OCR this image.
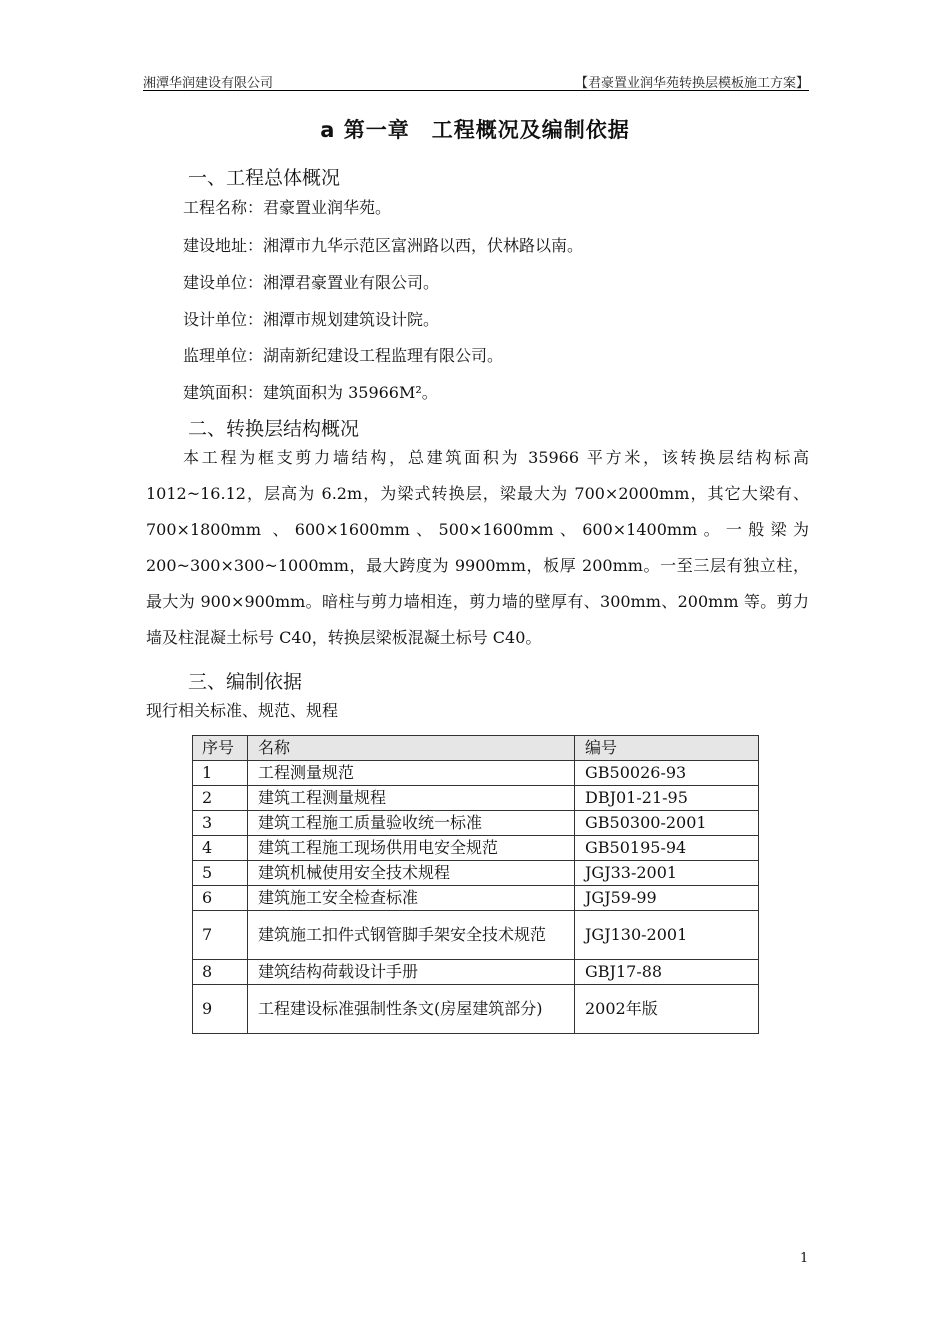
湘潭华润建设有限公司	【君豪置业润华苑转换层模板施工方案】
a 第一章　工程概况及编制依据
一、工程总体概况
工程名称：君豪置业润华苑。
建设地址：湘潭市九华示范区富洲路以西，伏林路以南。
建设单位：湘潭君豪置业有限公司。
设计单位：湘潭市规划建筑设计院。
监理单位：湖南新纪建设工程监理有限公司。
建筑面积：建筑面积为 35966M²。
二、转换层结构概况
本工程为框支剪力墙结构，总建筑面积为 35966 平方米，该转换层结构标高 1012~16.12，层高为 6.2m，为梁式转换层，梁最大为 700×2000mm，其它大梁有、700×1800mm 、600×1600mm、500×1600mm、600×1400mm。一般梁为 200~300×300~1000mm，最大跨度为 9900mm，板厚 200mm。一至三层有独立柱，最大为 900×900mm。暗柱与剪力墙相连，剪力墙的壁厚有、300mm、200mm 等。剪力墙及柱混凝土标号 C40，转换层梁板混凝土标号 C40。
三、编制依据
现行相关标准、规范、规程
序号	名称	编号
1	工程测量规范	GB50026-93
2	建筑工程测量规程	DBJ01-21-95
3	建筑工程施工质量验收统一标准	GB50300-2001
4	建筑工程施工现场供用电安全规范	GB50195-94
5	建筑机械使用安全技术规程	JGJ33-2001
6	建筑施工安全检查标准	JGJ59-99
7	建筑施工扣件式钢管脚手架安全技术规范	JGJ130-2001
8	建筑结构荷载设计手册	GBJ17-88
9	工程建设标准强制性条文(房屋建筑部分)	2002年版
1
